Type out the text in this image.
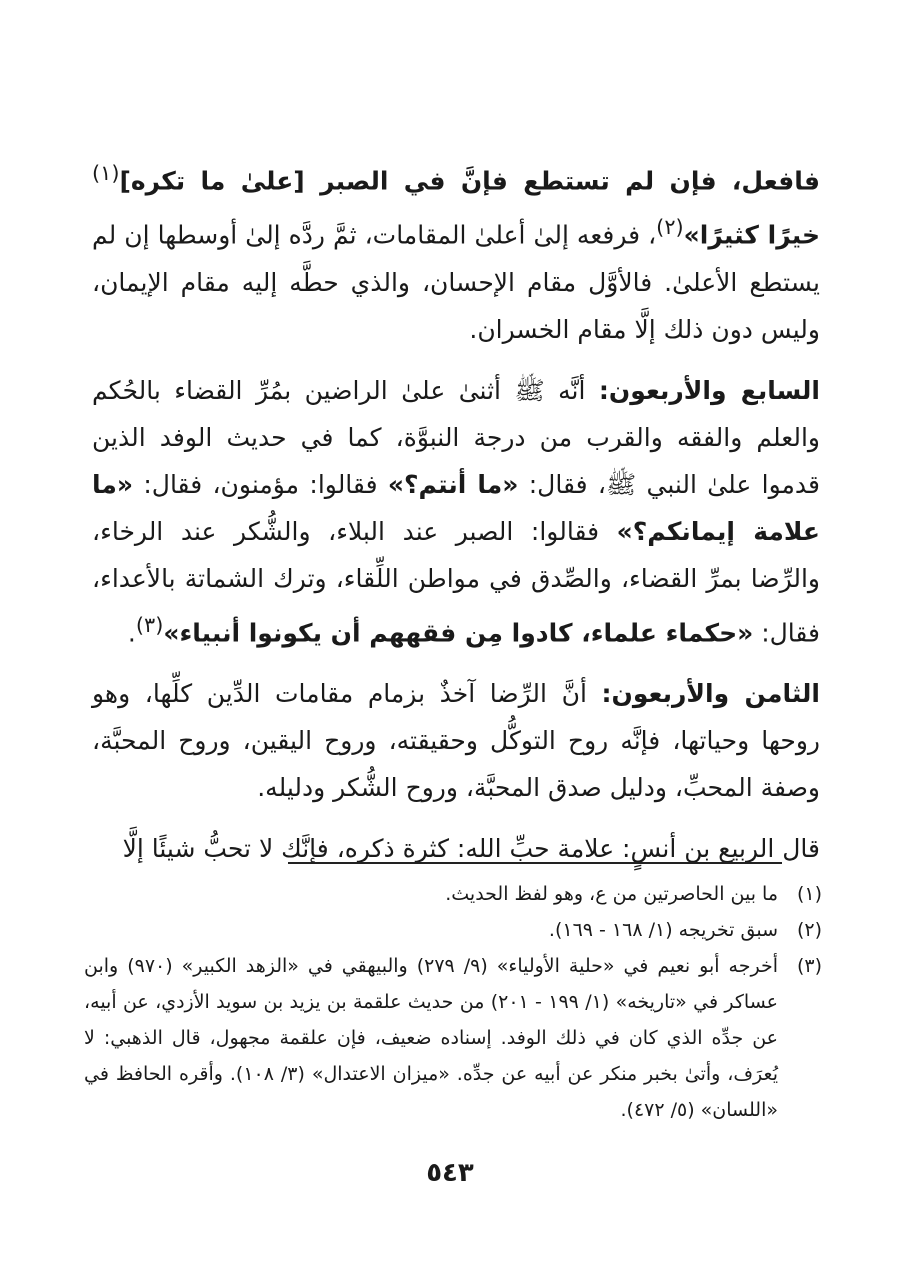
فافعل، فإن لم تستطع فإنَّ في الصبر [علىٰ ما تكره]$^{(١)}$ خيرًا كثيرًا»$^{(٢)}$، فرفعه إلىٰ أعلىٰ المقامات، ثمَّ ردَّه إلىٰ أوسطها إن لم يستطع الأعلىٰ. فالأوَّل مقام الإحسان، والذي حطَّه إليه مقام الإيمان، وليس دون ذلك إلَّا مقام الخسران.

السابع والأربعون: أنَّه ﷺ أثنىٰ علىٰ الراضين بمُرِّ القضاء بالحُكم والعلم والفقه والقرب من درجة النبوَّة، كما في حديث الوفد الذين قدموا علىٰ النبي ﷺ، فقال: «ما أنتم؟» فقالوا: مؤمنون، فقال: «ما علامة إيمانكم؟» فقالوا: الصبر عند البلاء، والشُّكر عند الرخاء، والرِّضا بمرِّ القضاء، والصِّدق في مواطن اللِّقاء، وترك الشماتة بالأعداء، فقال: «حكماء علماء، كادوا مِن فقههم أن يكونوا أنبياء»$^{(٣)}$.

الثامن والأربعون: أنَّ الرِّضا آخذٌ بزمام مقامات الدِّين كلِّها، وهو روحها وحياتها، فإنَّه روح التوكُّل وحقيقته، وروح اليقين، وروح المحبَّة، وصفة المحبِّ، ودليل صدق المحبَّة، وروح الشُّكر ودليله.

قال الربيع بن أنسٍ: علامة حبِّ الله: كثرة ذكره، فإنَّك لا تحبُّ شيئًا إلَّا

(١)
ما بين الحاصرتين من ع، وهو لفظ الحديث.
(٢)
سبق تخريجه (١/ ١٦٨ - ١٦٩).
(٣)
أخرجه أبو نعيم في «حلية الأولياء» (٩/ ٢٧٩) والبيهقي في «الزهد الكبير» (٩٧٠) وابن عساكر في «تاريخه» (١/ ١٩٩ - ٢٠١) من حديث علقمة بن يزيد بن سويد الأزدي، عن أبيه، عن جدِّه الذي كان في ذلك الوفد. إسناده ضعيف، فإن علقمة مجهول، قال الذهبي: لا يُعرَف، وأتىٰ بخبر منكر عن أبيه عن جدِّه. «ميزان الاعتدال» (٣/ ١٠٨). وأقره الحافظ في «اللسان» (٥/ ٤٧٢).
٥٤٣
